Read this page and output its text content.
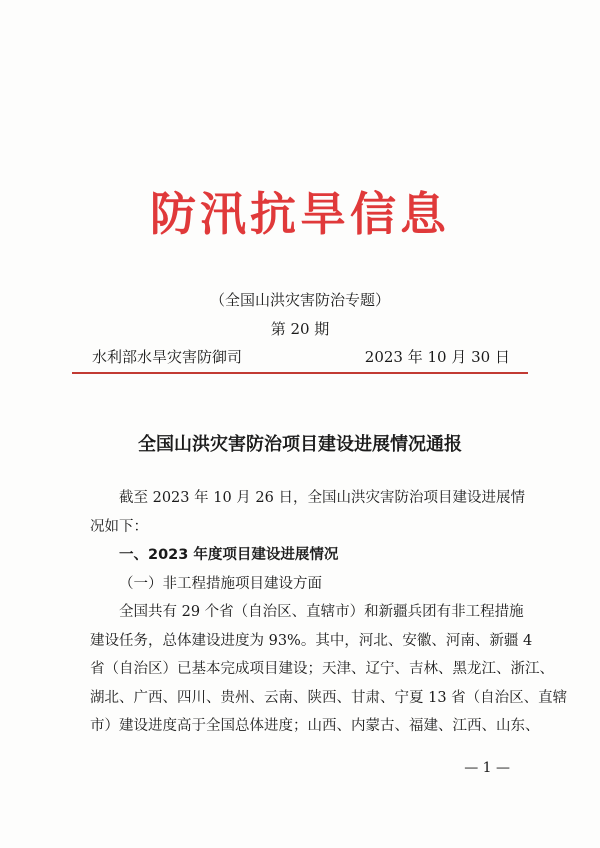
防汛抗旱信息
（全国山洪灾害防治专题）
第 20 期
水利部水旱灾害防御司	2023 年 10 月 30 日
全国山洪灾害防治项目建设进展情况通报
截至 2023 年 10 月 26 日，全国山洪灾害防治项目建设进展情
况如下：
一、2023 年度项目建设进展情况
（一）非工程措施项目建设方面
全国共有 29 个省（自治区、直辖市）和新疆兵团有非工程措施
建设任务，总体建设进度为 93%。其中，河北、安徽、河南、新疆 4
省（自治区）已基本完成项目建设；天津、辽宁、吉林、黑龙江、浙江、
湖北、广西、四川、贵州、云南、陕西、甘肃、宁夏 13 省（自治区、直辖
市）建设进度高于全国总体进度；山西、内蒙古、福建、江西、山东、
— 1 —
